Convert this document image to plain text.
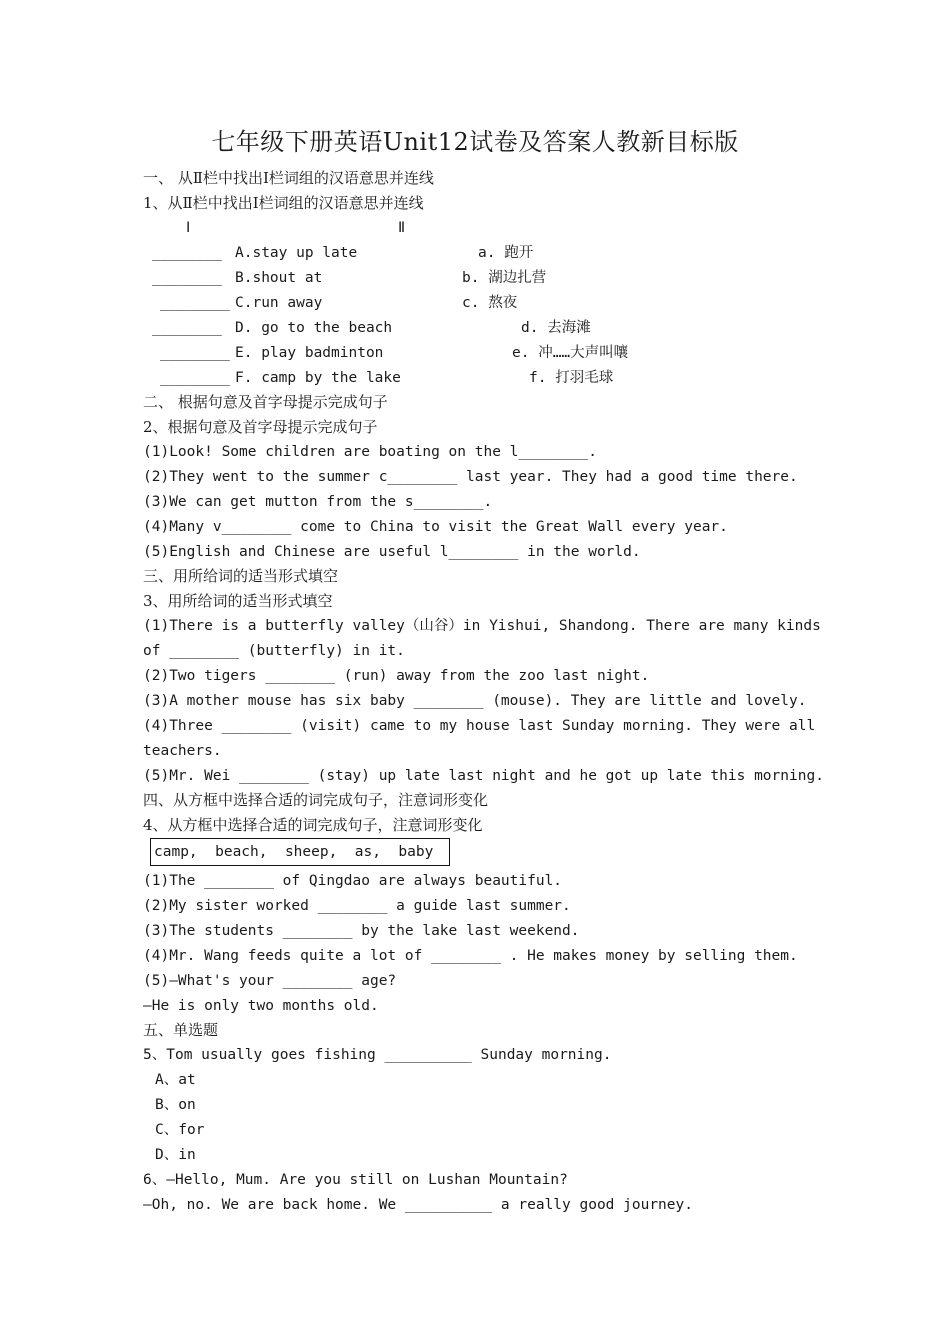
七年级下册英语Unit12试卷及答案人教新目标版
一、 从Ⅱ栏中找出Ⅰ栏词组的汉语意思并连线
1、从Ⅱ栏中找出Ⅰ栏词组的汉语意思并连线
Ⅰ	Ⅱ
________ A.stay up late	a. 跑开
________ B.shout at	b. 湖边扎营
________ C.run away	c. 熬夜
________ D. go to the beach	d. 去海滩
________ E. play badminton	e. 冲……大声叫嚷
________ F. camp by the lake	f. 打羽毛球
二、 根据句意及首字母提示完成句子
2、根据句意及首字母提示完成句子
(1)Look! Some children are boating on the l________.
(2)They went to the summer c________ last year. They had a good time there.
(3)We can get mutton from the s________.
(4)Many v________ come to China to visit the Great Wall every year.
(5)English and Chinese are useful l________ in the world.
三、用所给词的适当形式填空
3、用所给词的适当形式填空
(1)There is a butterfly valley（山谷）in Yishui, Shandong. There are many kinds
of ________ (butterfly) in it.
(2)Two tigers ________ (run) away from the zoo last night.
(3)A mother mouse has six baby ________ (mouse). They are little and lovely.
(4)Three ________ (visit) came to my house last Sunday morning. They were all
teachers.
(5)Mr. Wei ________ (stay) up late last night and he got up late this morning.
四、从方框中选择合适的词完成句子，注意词形变化
4、从方框中选择合适的词完成句子，注意词形变化
camp,  beach,  sheep,  as,  baby
(1)The ________ of Qingdao are always beautiful.
(2)My sister worked ________ a guide last summer.
(3)The students ________ by the lake last weekend.
(4)Mr. Wang feeds quite a lot of ________ . He makes money by selling them.
(5)—What's your ________ age?
—He is only two months old.
五、单选题
5、Tom usually goes fishing __________ Sunday morning.
A、at
B、on
C、for
D、in
6、—Hello, Mum. Are you still on Lushan Mountain?
—Oh, no. We are back home. We __________ a really good journey.
